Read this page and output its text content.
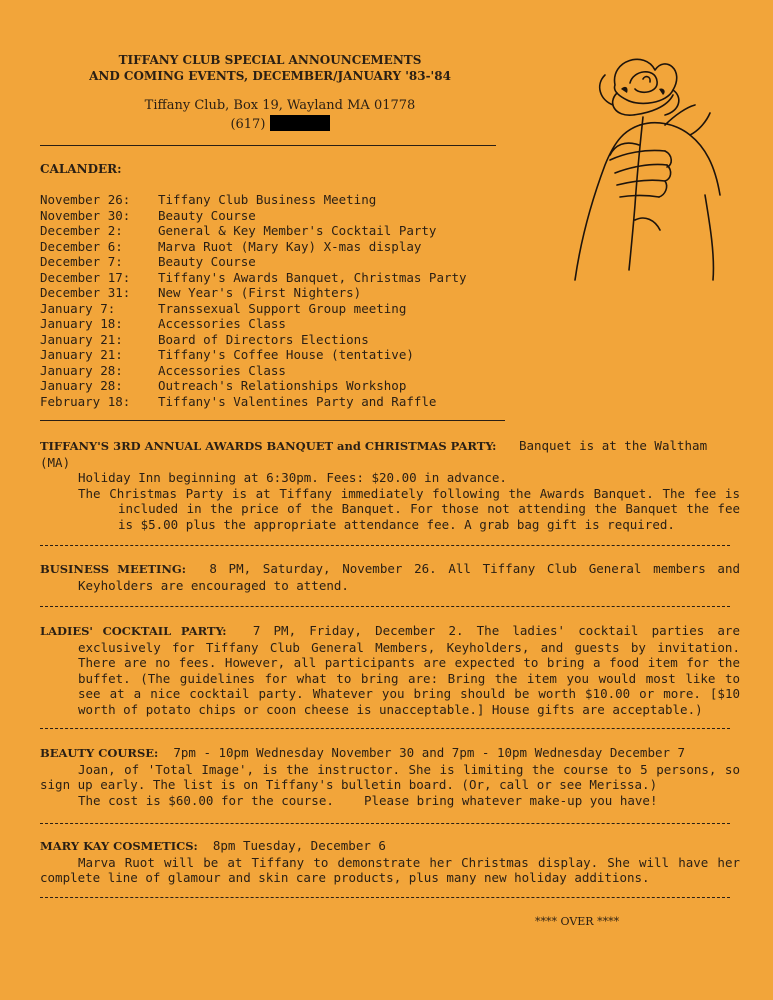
TIFFANY CLUB SPECIAL ANNOUNCEMENTS
AND COMING EVENTS, DECEMBER/JANUARY '83-'84
Tiffany Club, Box 19, Wayland MA 01778
(617)
CALANDER:
November 26:	Tiffany Club Business Meeting
November 30:	Beauty Course
December 2:	General & Key Member's Cocktail Party
December 6:	Marva Ruot (Mary Kay) X-mas display
December 7:	Beauty Course
December 17:	Tiffany's Awards Banquet, Christmas Party
December 31:	New Year's (First Nighters)
January 7:	Transsexual Support Group meeting
January 18:	Accessories Class
January 21:	Board of Directors Elections
January 21:	Tiffany's Coffee House (tentative)
January 28:	Accessories Class
January 28:	Outreach's Relationships Workshop
February 18:	Tiffany's Valentines Party and Raffle

TIFFANY'S 3RD ANNUAL AWARDS BANQUET and CHRISTMAS PARTY: Banquet is at the Waltham (MA)

Holiday Inn beginning at 6:30pm. Fees: $20.00 in advance.

The Christmas Party is at Tiffany immediately following the Awards Banquet. The fee is included in the price of the Banquet. For those not attending the Banquet the fee is $5.00 plus the appropriate attendance fee. A grab bag gift is required.

BUSINESS MEETING: 8 PM, Saturday, November 26. All Tiffany Club General members and Keyholders are encouraged to attend.

LADIES' COCKTAIL PARTY: 7 PM, Friday, December 2. The ladies' cocktail parties are exclusively for Tiffany Club General Members, Keyholders, and guests by invitation. There are no fees. However, all participants are expected to bring a food item for the buffet. (The guidelines for what to bring are: Bring the item you would most like to see at a nice cocktail party. Whatever you bring should be worth $10.00 or more. [$10 worth of potato chips or coon cheese is unacceptable.] House gifts are acceptable.)

BEAUTY COURSE: 7pm - 10pm Wednesday November 30 and 7pm - 10pm Wednesday December 7

Joan, of 'Total Image', is the instructor. She is limiting the course to 5 persons, so sign up early. The list is on Tiffany's bulletin board. (Or, call or see Merissa.)

The cost is $60.00 for the course. Please bring whatever make-up you have!

MARY KAY COSMETICS: 8pm Tuesday, December 6

Marva Ruot will be at Tiffany to demonstrate her Christmas display. She will have her complete line of glamour and skin care products, plus many new holiday additions.

**** OVER ****
